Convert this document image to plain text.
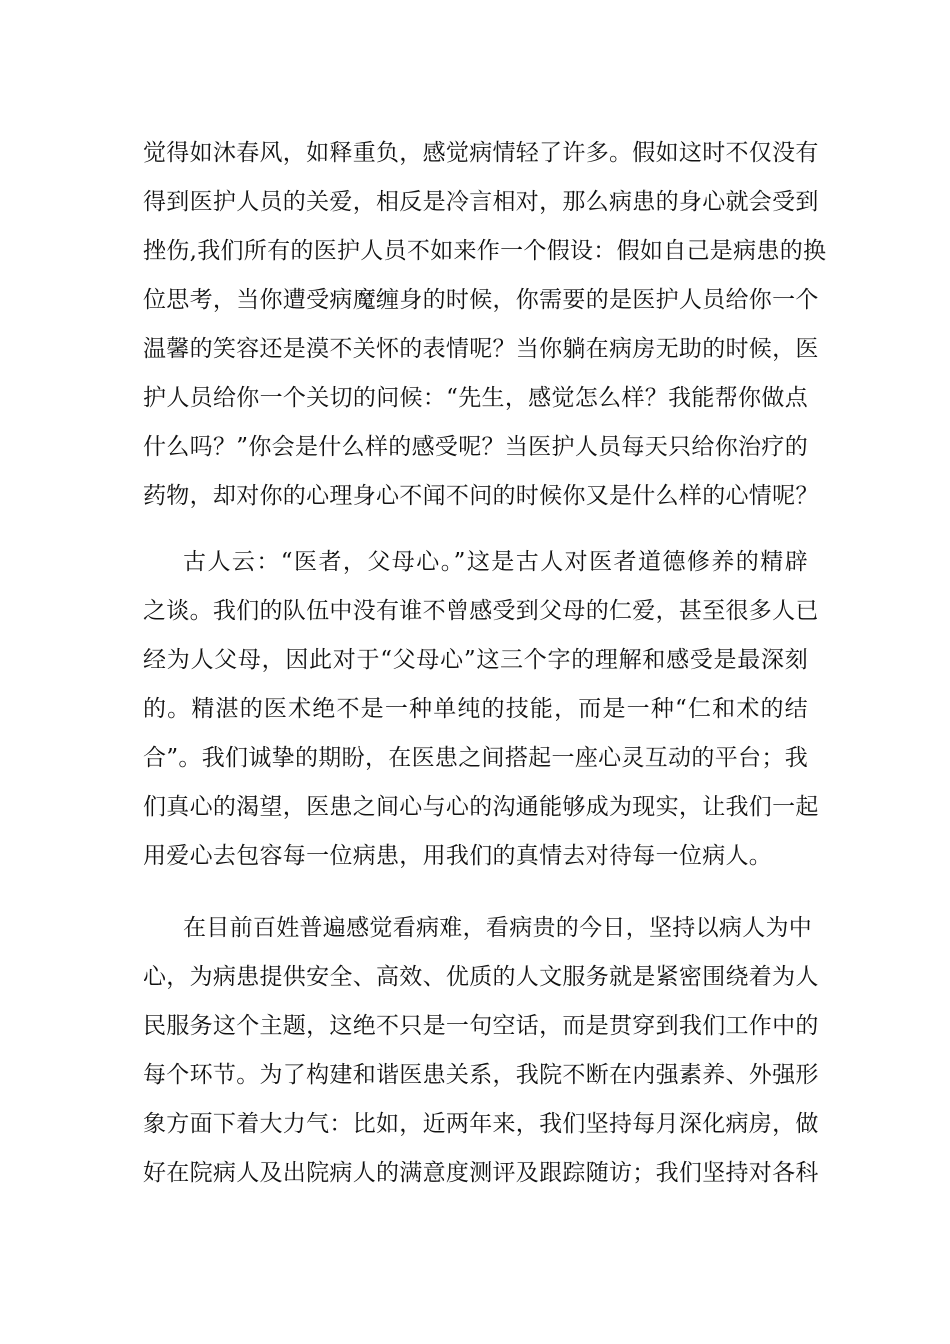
觉得如沐春风，如释重负，感觉病情轻了许多。假如这时不仅没有
得到医护人员的关爱，相反是冷言相对，那么病患的身心就会受到
挫伤,我们所有的医护人员不如来作一个假设：假如自己是病患的换
位思考，当你遭受病魔缠身的时候，你需要的是医护人员给你一个
温馨的笑容还是漠不关怀的表情呢？当你躺在病房无助的时候，医
护人员给你一个关切的问候：“先生，感觉怎么样？我能帮你做点
什么吗？”你会是什么样的感受呢？当医护人员每天只给你治疗的
药物，却对你的心理身心不闻不问的时候你又是什么样的心情呢？
古人云：“医者，父母心。”这是古人对医者道德修养的精辟
之谈。我们的队伍中没有谁不曾感受到父母的仁爱，甚至很多人已
经为人父母，因此对于“父母心”这三个字的理解和感受是最深刻
的。精湛的医术绝不是一种单纯的技能，而是一种“仁和术的结
合”。我们诚挚的期盼，在医患之间搭起一座心灵互动的平台；我
们真心的渴望，医患之间心与心的沟通能够成为现实，让我们一起
用爱心去包容每一位病患，用我们的真情去对待每一位病人。
在目前百姓普遍感觉看病难，看病贵的今日，坚持以病人为中
心，为病患提供安全、高效、优质的人文服务就是紧密围绕着为人
民服务这个主题，这绝不只是一句空话，而是贯穿到我们工作中的
每个环节。为了构建和谐医患关系，我院不断在内强素养、外强形
象方面下着大力气：比如，近两年来，我们坚持每月深化病房，做
好在院病人及出院病人的满意度测评及跟踪随访；我们坚持对各科
